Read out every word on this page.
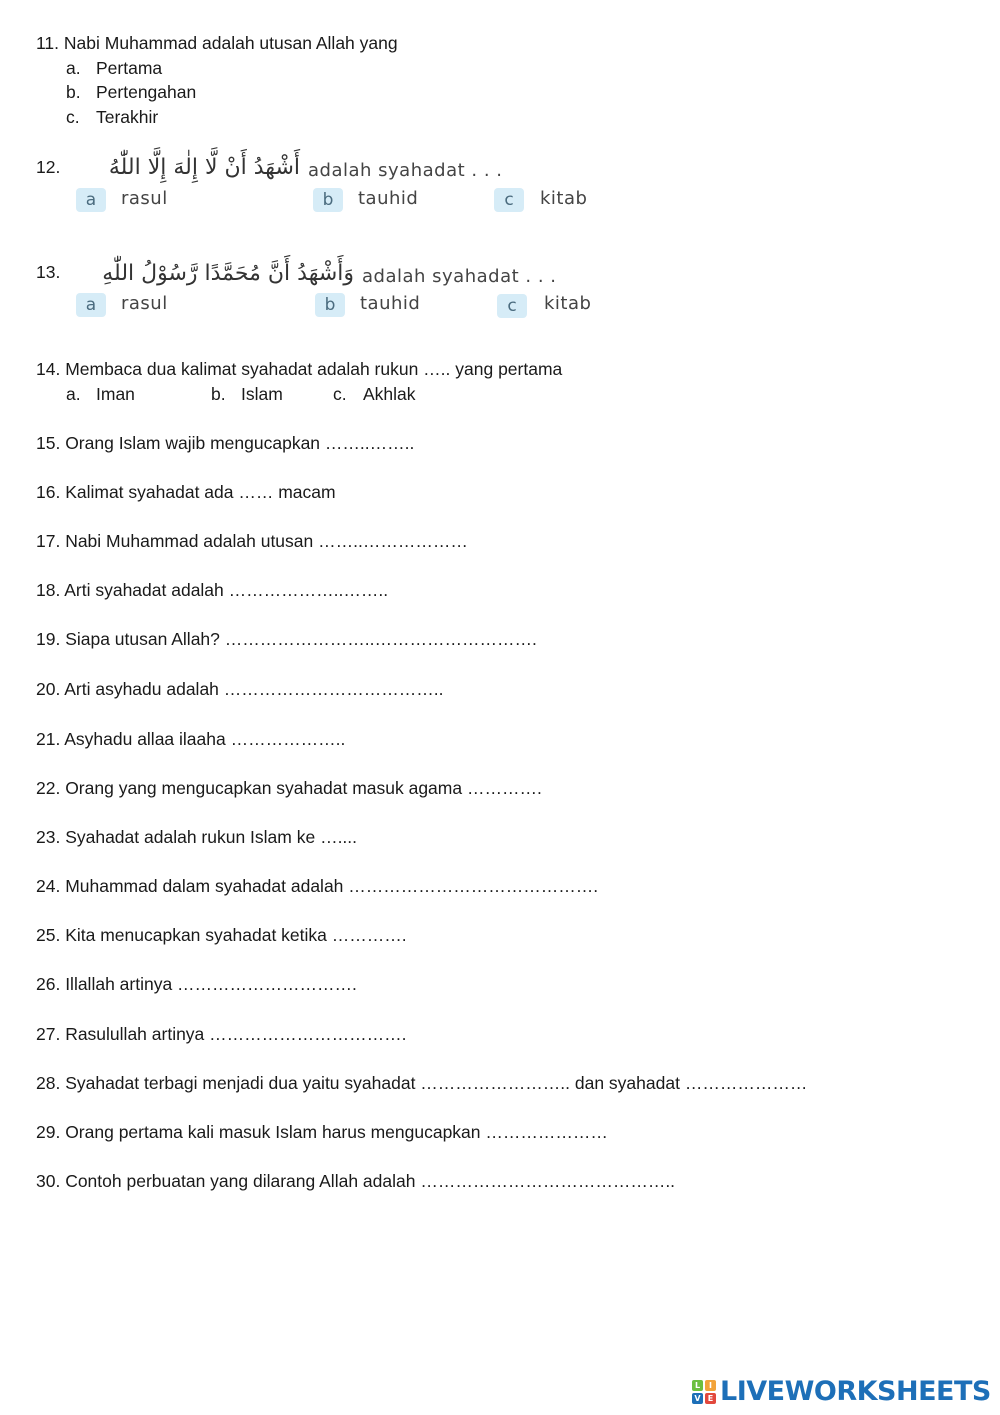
11. Nabi Muhammad adalah utusan Allah yang
a. Pertama
b. Pertengahan
c. Terakhir
12. أَشْهَدُ أَنْ لَّا إِلٰهَ إِلَّا اللّٰهُ adalah syahadat . . .
a	rasul	b	tauhid	c	kitab
13. وَأَشْهَدُ أَنَّ مُحَمَّدًا رَّسُوْلُ اللّٰهِ adalah syahadat . . .
a	rasul	b	tauhid	c	kitab
14. Membaca dua kalimat syahadat adalah rukun ….. yang pertama
a. Iman	b. Islam	c. Akhlak
15. Orang Islam wajib mengucapkan ……..……..
16. Kalimat syahadat ada …… macam
17. Nabi Muhammad adalah utusan ……..………………
18. Arti syahadat adalah ………………..……..
19. Siapa utusan Allah? ……………………..……………………….
20. Arti asyhadu adalah ………………………………..
21. Asyhadu allaa ilaaha ………………..
22. Orang yang mengucapkan syahadat masuk agama ………….
23. Syahadat adalah rukun Islam ke …....
24. Muhammad dalam syahadat adalah …………………………………….
25. Kita menucapkan syahadat ketika ………….
26. Illallah artinya ………………………….
27. Rasulullah artinya …………………………….
28. Syahadat terbagi menjadi dua yaitu syahadat …………………….. dan syahadat …………………
29. Orang pertama kali masuk Islam harus mengucapkan …………………
30. Contoh perbuatan yang dilarang Allah adalah ……………………………………..
L	I
V E LIVEWORKSHEETS
